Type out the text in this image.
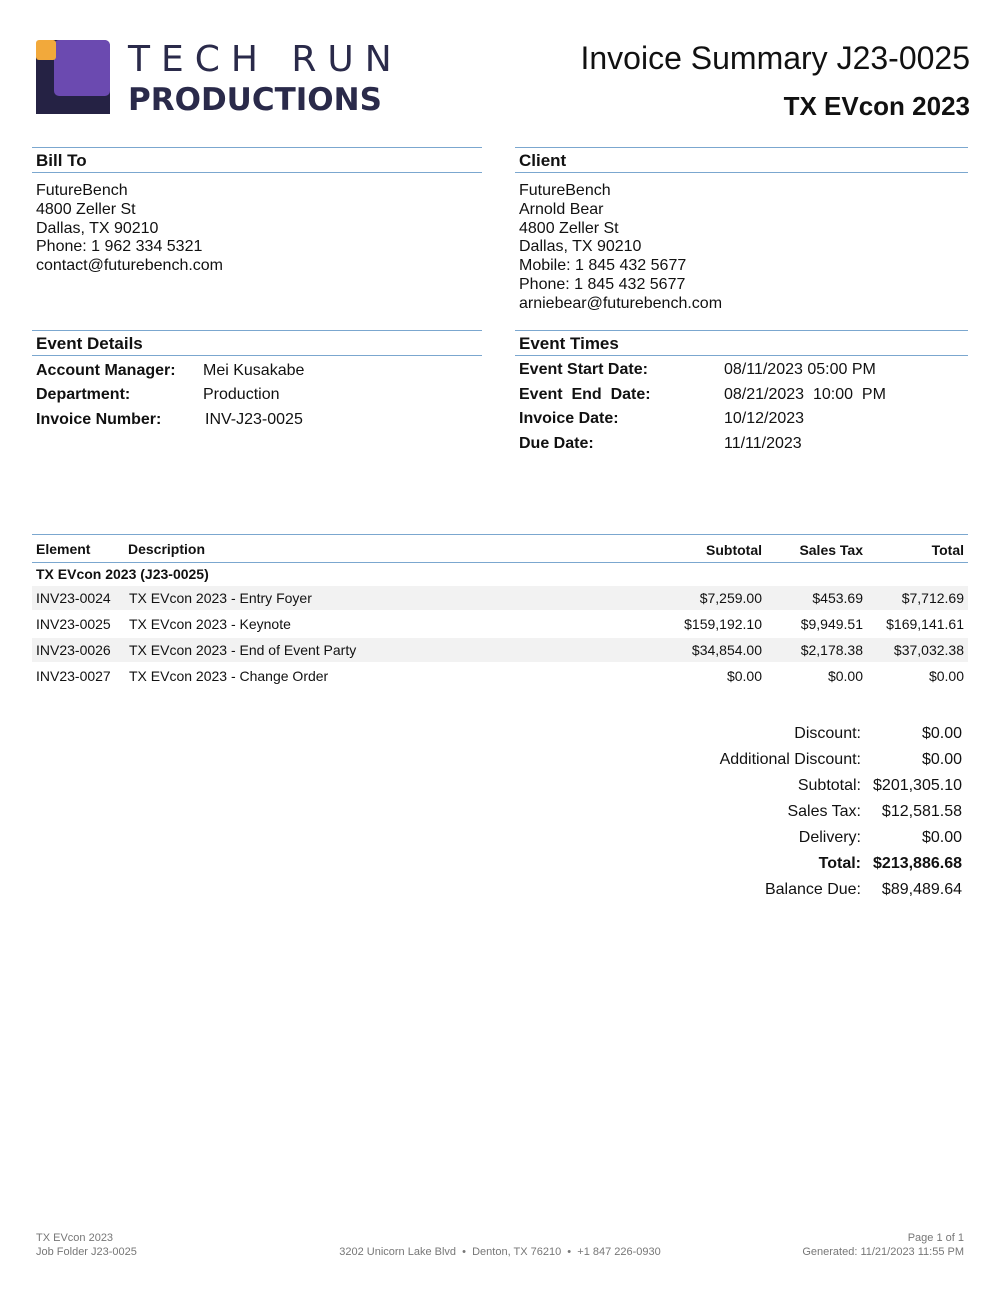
TECH RUN
PRODUCTIONS
Invoice Summary J23-0025
TX EVcon 2023
Bill To
FutureBench
4800 Zeller St
Dallas, TX 90210
Phone: 1 962 334 5321
contact@futurebench.com
Client
FutureBench
Arnold Bear
4800 Zeller St
Dallas, TX 90210
Mobile: 1 845 432 5677
Phone: 1 845 432 5677
arniebear@futurebench.com
Event Details
Account Manager: Mei Kusakabe
Department:	Production
Invoice Number:	INV-J23-0025
Event Times
Event Start Date:	08/11/2023 05:00 PM
Event  End  Date:	08/21/2023  10:00  PM
Invoice Date:	10/12/2023
Due Date:	11/11/2023
Element	Description	Subtotal	Sales Tax	Total
TX EVcon 2023 (J23-0025)
INV23-0024 TX EVcon 2023 - Entry Foyer	$7,259.00	$453.69	$7,712.69
INV23-0025 TX EVcon 2023 - Keynote	$159,192.10	$9,949.51 $169,141.61
INV23-0026 TX EVcon 2023 - End of Event Party	$34,854.00	$2,178.38 $37,032.38
INV23-0027 TX EVcon 2023 - Change Order	$0.00	$0.00	$0.00
Discount:	$0.00
Additional Discount:	$0.00
Subtotal: $201,305.10
Sales Tax: $12,581.58
Delivery:	$0.00
Total: $213,886.68
Balance Due: $89,489.64
TX EVcon 2023
Job Folder J23-0025	3202 Unicorn Lake Blvd  •  Denton, TX 76210  •  +1 847 226-0930
Page 1 of 1
Generated: 11/21/2023 11:55 PM
